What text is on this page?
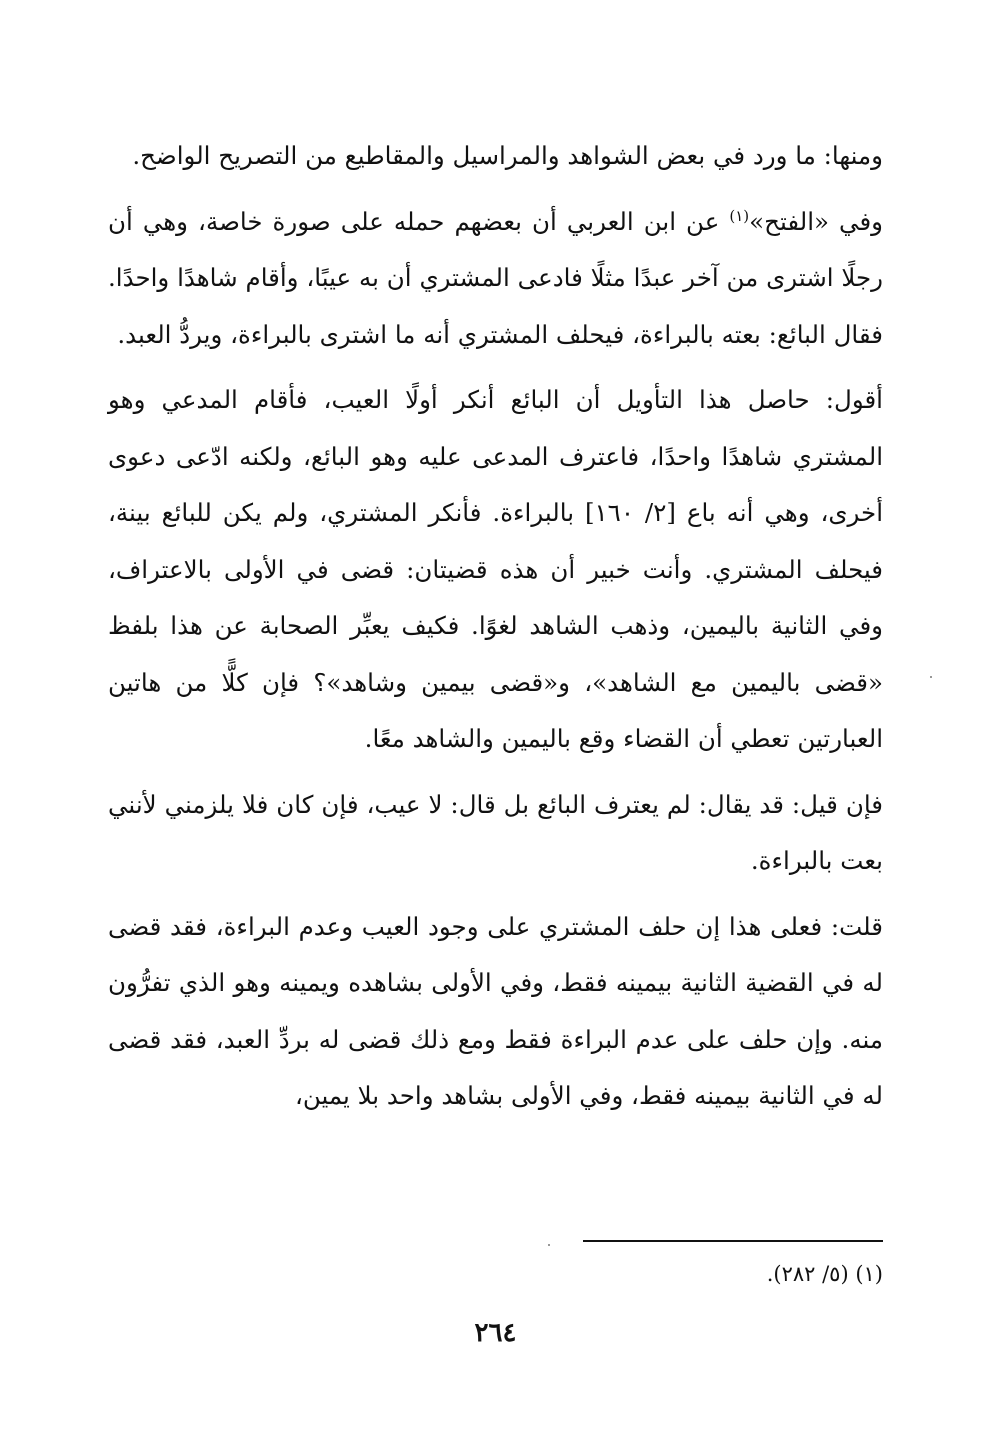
ومنها: ما ورد في بعض الشواهد والمراسيل والمقاطيع من التصريح الواضح.

وفي «الفتح»$^{(١)}$ عن ابن العربي أن بعضهم حمله على صورة خاصة، وهي أن رجلًا اشترى من آخر عبدًا مثلًا فادعى المشتري أن به عيبًا، وأقام شاهدًا واحدًا. فقال البائع: بعته بالبراءة، فيحلف المشتري أنه ما اشترى بالبراءة، ويردُّ العبد.

أقول: حاصل هذا التأويل أن البائع أنكر أولًا العيب، فأقام المدعي وهو المشتري شاهدًا واحدًا، فاعترف المدعى عليه وهو البائع، ولكنه ادّعى دعوى أخرى، وهي أنه باع [٢/ ١٦٠] بالبراءة. فأنكر المشتري، ولم يكن للبائع بينة، فيحلف المشتري. وأنت خبير أن هذه قضيتان: قضى في الأولى بالاعتراف، وفي الثانية باليمين، وذهب الشاهد لغوًا. فكيف يعبِّر الصحابة عن هذا بلفظ «قضى باليمين مع الشاهد»، و«قضى بيمين وشاهد»؟ فإن كلًّا من هاتين العبارتين تعطي أن القضاء وقع باليمين والشاهد معًا.

فإن قيل: قد يقال: لم يعترف البائع بل قال: لا عيب، فإن كان فلا يلزمني لأنني بعت بالبراءة.

قلت: فعلى هذا إن حلف المشتري على وجود العيب وعدم البراءة، فقد قضى له في القضية الثانية بيمينه فقط، وفي الأولى بشاهده ويمينه وهو الذي تفرُّون منه. وإن حلف على عدم البراءة فقط ومع ذلك قضى له بردِّ العبد، فقد قضى له في الثانية بيمينه فقط، وفي الأولى بشاهد واحد بلا يمين،

(١) (٥/ ٢٨٢).

٢٦٤
